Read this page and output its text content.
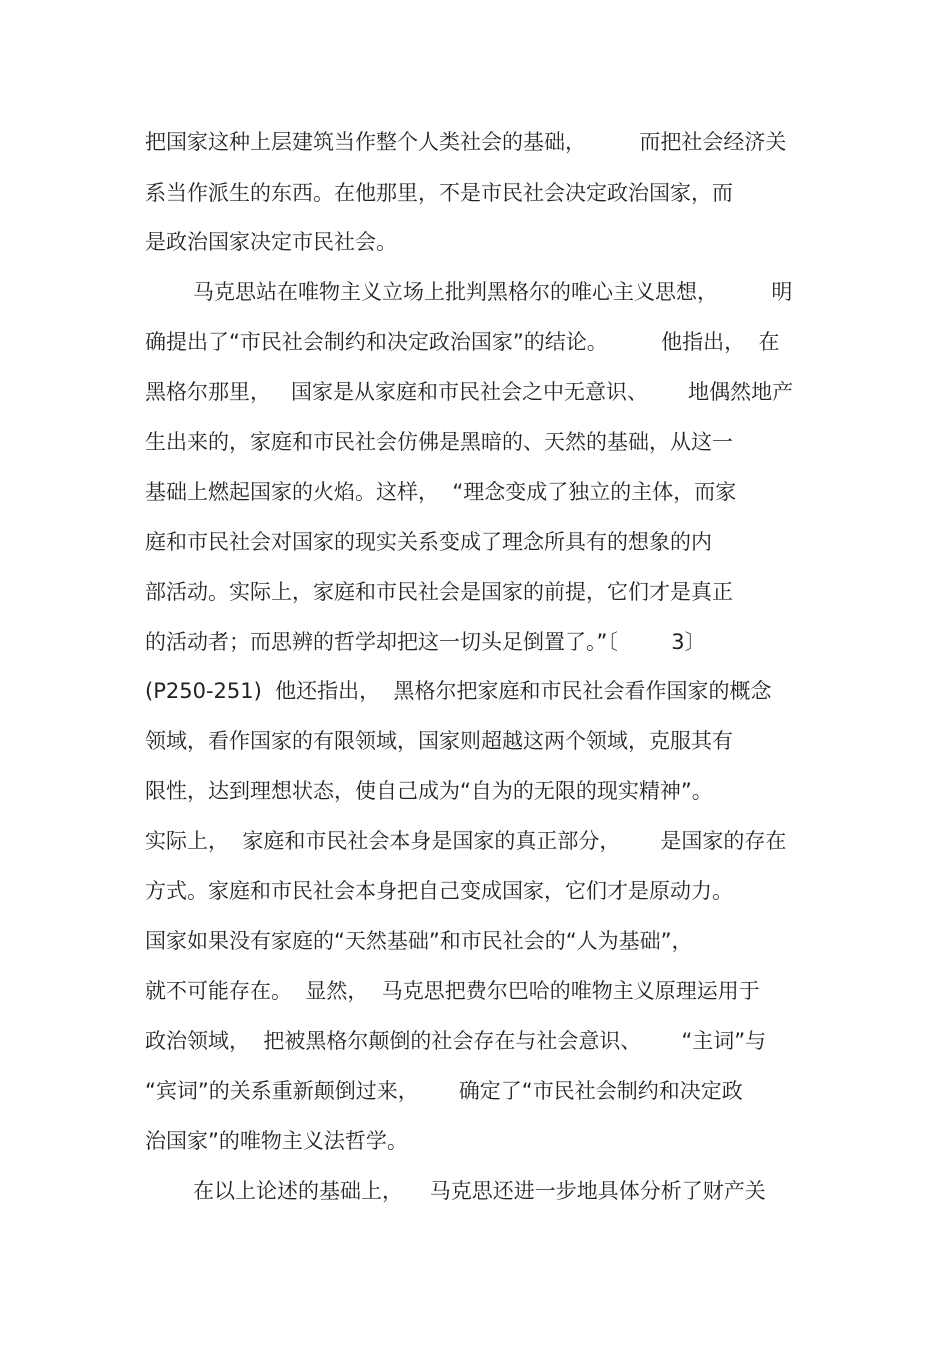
把国家这种上层建筑当作整个人类社会的基础，        而把社会经济关

系当作派生的东西。在他那里，不是市民社会决定政治国家，而

是政治国家决定市民社会。

马克思站在唯物主义立场上批判黑格尔的唯心主义思想，        明

确提出了“市民社会制约和决定政治国家”的结论。        他指出，  在

黑格尔那里，   国家是从家庭和市民社会之中无意识、      地偶然地产

生出来的，家庭和市民社会仿佛是黑暗的、天然的基础，从这一

基础上燃起国家的火焰。这样，  “理念变成了独立的主体，而家

庭和市民社会对国家的现实关系变成了理念所具有的想象的内

部活动。实际上，家庭和市民社会是国家的前提，它们才是真正

的活动者；而思辨的哲学却把这一切头足倒置了。”〔        3〕

(P250-251)  他还指出，  黑格尔把家庭和市民社会看作国家的概念

领域，看作国家的有限领域，国家则超越这两个领域，克服其有

限性，达到理想状态，使自己成为“自为的无限的现实精神”。

实际上，  家庭和市民社会本身是国家的真正部分，      是国家的存在

方式。家庭和市民社会本身把自己变成国家，它们才是原动力。

国家如果没有家庭的“天然基础”和市民社会的“人为基础”，

就不可能存在。  显然，  马克思把费尔巴哈的唯物主义原理运用于

政治领域，  把被黑格尔颠倒的社会存在与社会意识、      “主词”与

“宾词”的关系重新颠倒过来，      确定了“市民社会制约和决定政

治国家”的唯物主义法哲学。

在以上论述的基础上，    马克思还进一步地具体分析了财产关
